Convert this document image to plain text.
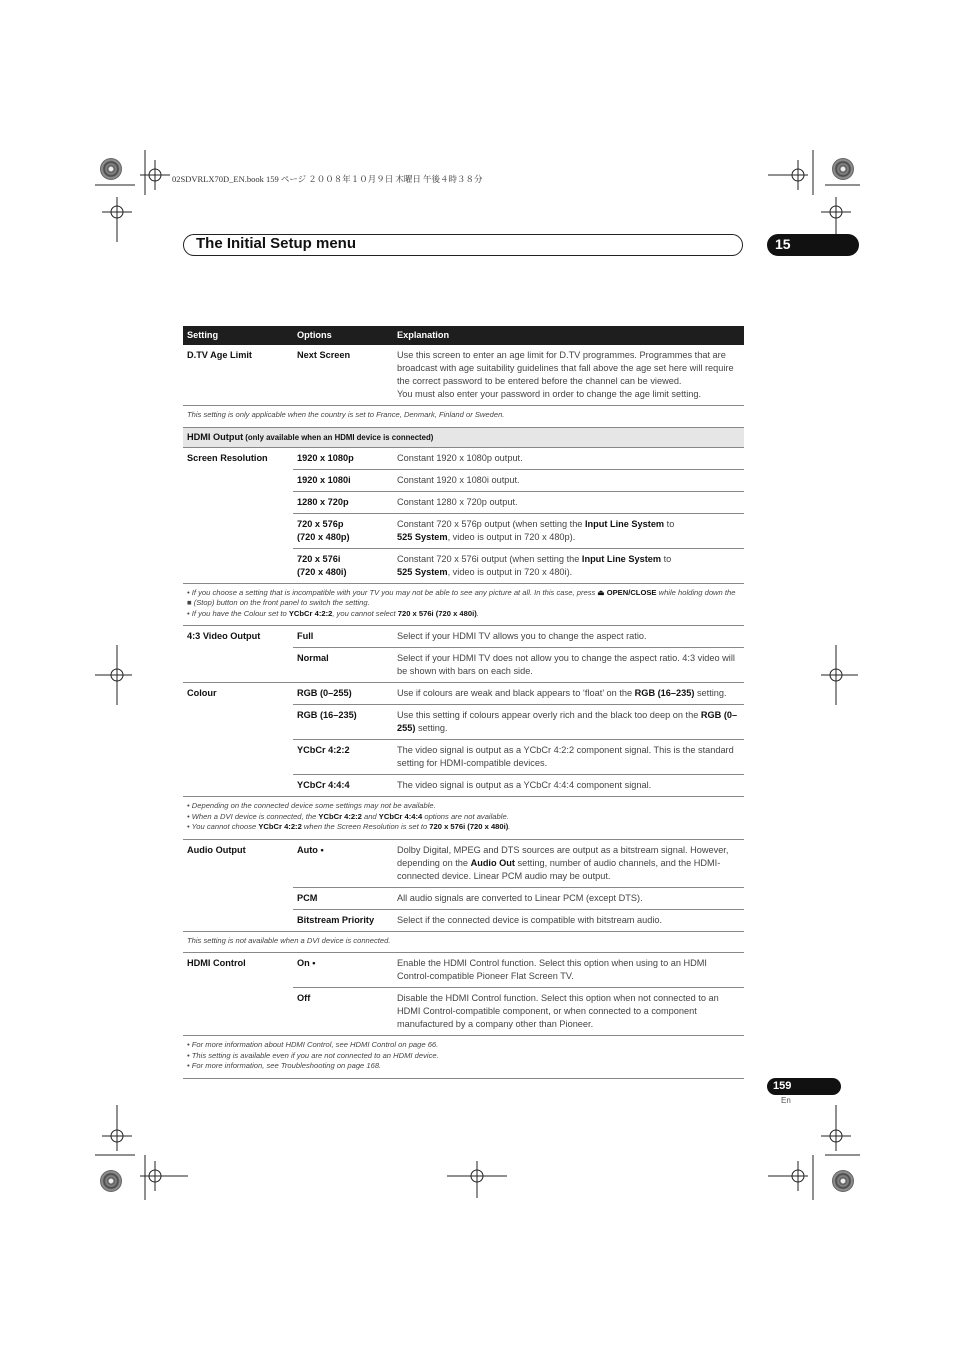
02SDVRLX70D_EN.book 159 ページ ２００８年１０月９日 木曜日 午後４時３８分
The Initial Setup menu	15
Setting	Options	Explanation
D.TV Age Limit	Next Screen	Use this screen to enter an age limit for D.TV programmes. Programmes that are broadcast with age suitability guidelines that fall above the age set here will require the correct password to be entered before the channel can be viewed.
You must also enter your password in order to change the age limit setting.
This setting is only applicable when the country is set to France, Denmark, Finland or Sweden.		
HDMI Output (only available when an HDMI device is connected)		
Screen Resolution	1920 x 1080p	Constant 1920 x 1080p output.
	1920 x 1080i	Constant 1920 x 1080i output.
	1280 x 720p	Constant 1280 x 720p output.
	720 x 576p
(720 x 480p)	Constant 720 x 576p output (when setting the Input Line System to
525 System, video is output in 720 x 480p).
	720 x 576i
(720 x 480i)	Constant 720 x 576i output (when setting the Input Line System to
525 System, video is output in 720 x 480i).
• If you choose a setting that is incompatible with your TV you may not be able to see any picture at all. In this case, press ⏏ OPEN/CLOSE while holding down the ■ (Stop) button on the front panel to switch the setting.
• If you have the Colour set to YCbCr 4:2:2, you cannot select 720 x 576i (720 x 480i).		
4:3 Video Output	Full	Select if your HDMI TV allows you to change the aspect ratio.
	Normal	Select if your HDMI TV does not allow you to change the aspect ratio. 4:3 video will be shown with bars on each side.
Colour	RGB (0–255)	Use if colours are weak and black appears to ‘float’ on the RGB (16–235) setting.
	RGB (16–235)	Use this setting if colours appear overly rich and the black too deep on the RGB (0–255) setting.
	YCbCr 4:2:2	The video signal is output as a YCbCr 4:2:2 component signal. This is the standard setting for HDMI-compatible devices.
	YCbCr 4:4:4	The video signal is output as a YCbCr 4:4:4 component signal.
• Depending on the connected device some settings may not be available.
• When a DVI device is connected, the YCbCr 4:2:2 and YCbCr 4:4:4 options are not available.
• You cannot choose YCbCr 4:2:2 when the Screen Resolution is set to 720 x 576i (720 x 480i).		
Audio Output	Auto •	Dolby Digital, MPEG and DTS sources are output as a bitstream signal. However, depending on the Audio Out setting, number of audio channels, and the HDMI-connected device. Linear PCM audio may be output.
	PCM	All audio signals are converted to Linear PCM (except DTS).
	Bitstream Priority	Select if the connected device is compatible with bitstream audio.
This setting is not available when a DVI device is connected.		
HDMI Control	On •	Enable the HDMI Control function. Select this option when using to an HDMI Control-compatible Pioneer Flat Screen TV.
	Off	Disable the HDMI Control function. Select this option when not connected to an HDMI Control-compatible component, or when connected to a component manufactured by a company other than Pioneer.
• For more information about HDMI Control, see HDMI Control on page 66.
• This setting is available even if you are not connected to an HDMI device.
• For more information, see Troubleshooting on page 168.		
159
En
